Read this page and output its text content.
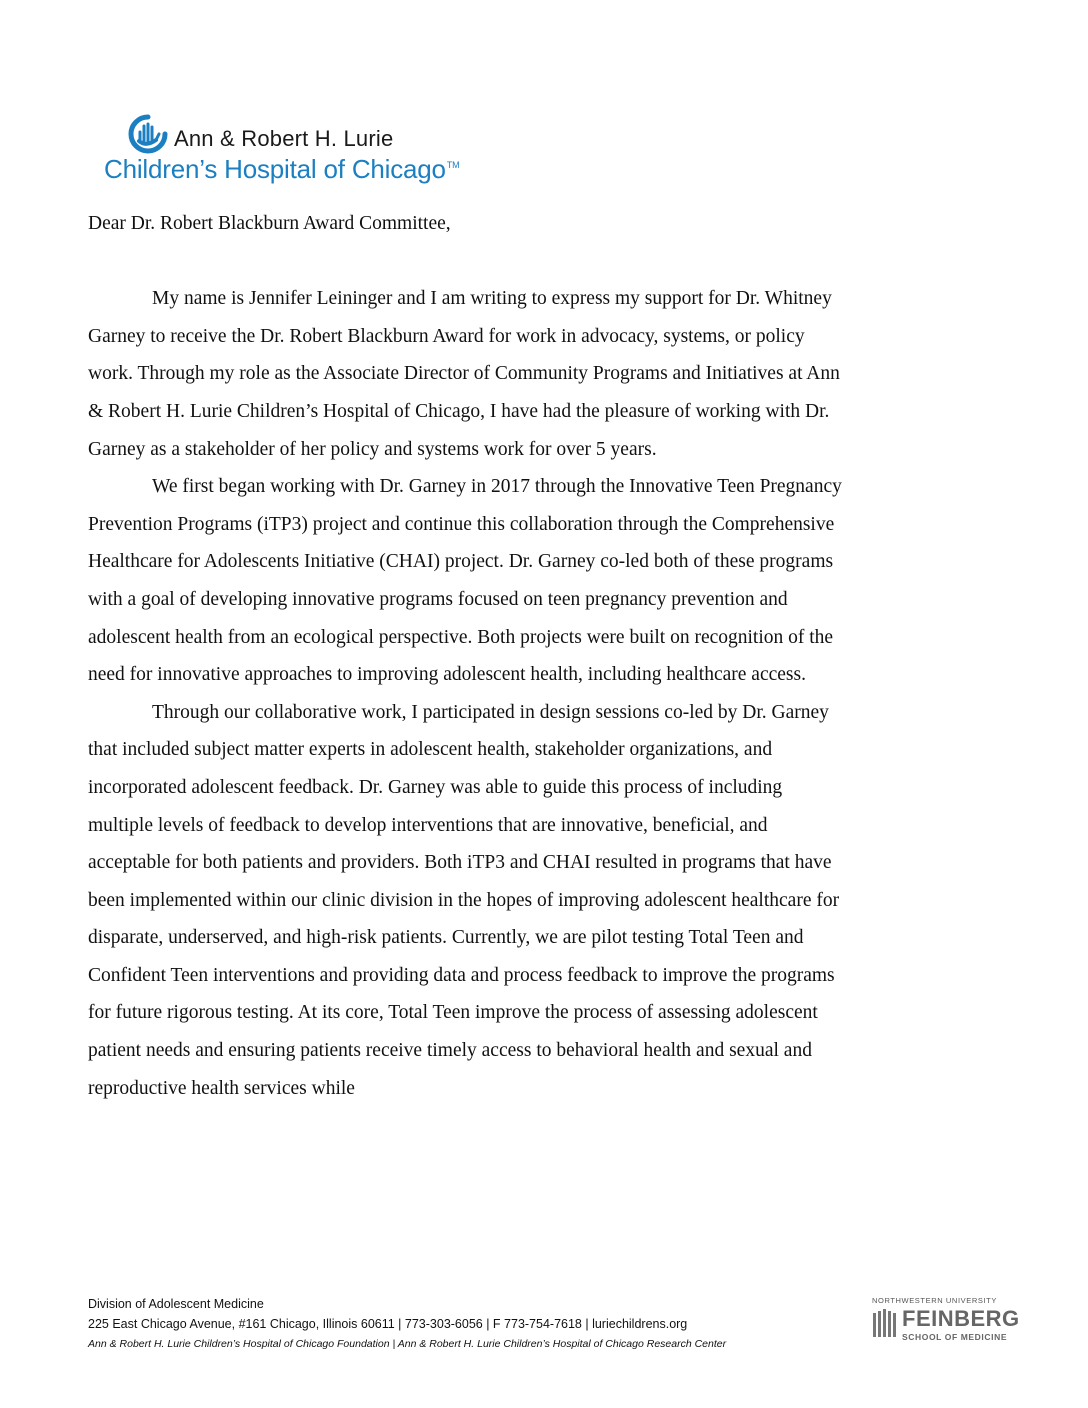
Ann & Robert H. Lurie
Children’s Hospital of Chicago™

Dear Dr. Robert Blackburn Award Committee,

My name is Jennifer Leininger and I am writing to express my support for Dr. Whitney Garney to receive the Dr. Robert Blackburn Award for work in advocacy, systems, or policy work. Through my role as the Associate Director of Community Programs and Initiatives at Ann & Robert H. Lurie Children’s Hospital of Chicago, I have had the pleasure of working with Dr. Garney as a stakeholder of her policy and systems work for over 5 years.

We first began working with Dr. Garney in 2017 through the Innovative Teen Pregnancy Prevention Programs (iTP3) project and continue this collaboration through the Comprehensive Healthcare for Adolescents Initiative (CHAI) project. Dr. Garney co-led both of these programs with a goal of developing innovative programs focused on teen pregnancy prevention and adolescent health from an ecological perspective. Both projects were built on recognition of the need for innovative approaches to improving adolescent health, including healthcare access.

Through our collaborative work, I participated in design sessions co-led by Dr. Garney that included subject matter experts in adolescent health, stakeholder organizations, and incorporated adolescent feedback. Dr. Garney was able to guide this process of including multiple levels of feedback to develop interventions that are innovative, beneficial, and acceptable for both patients and providers. Both iTP3 and CHAI resulted in programs that have been implemented within our clinic division in the hopes of improving adolescent healthcare for disparate, underserved, and high-risk patients. Currently, we are pilot testing Total Teen and Confident Teen interventions and providing data and process feedback to improve the programs for future rigorous testing. At its core, Total Teen improve the process of assessing adolescent patient needs and ensuring patients receive timely access to behavioral health and sexual and reproductive health services while

Division of Adolescent Medicine
225 East Chicago Avenue, #161 Chicago, Illinois 60611 | 773-303-6056 | F 773-754-7618 | luriechildrens.org
Ann & Robert H. Lurie Children’s Hospital of Chicago Foundation | Ann & Robert H. Lurie Children’s Hospital of Chicago Research Center
NORTHWESTERN UNIVERSITY
FEINBERG
SCHOOL OF MEDICINE
